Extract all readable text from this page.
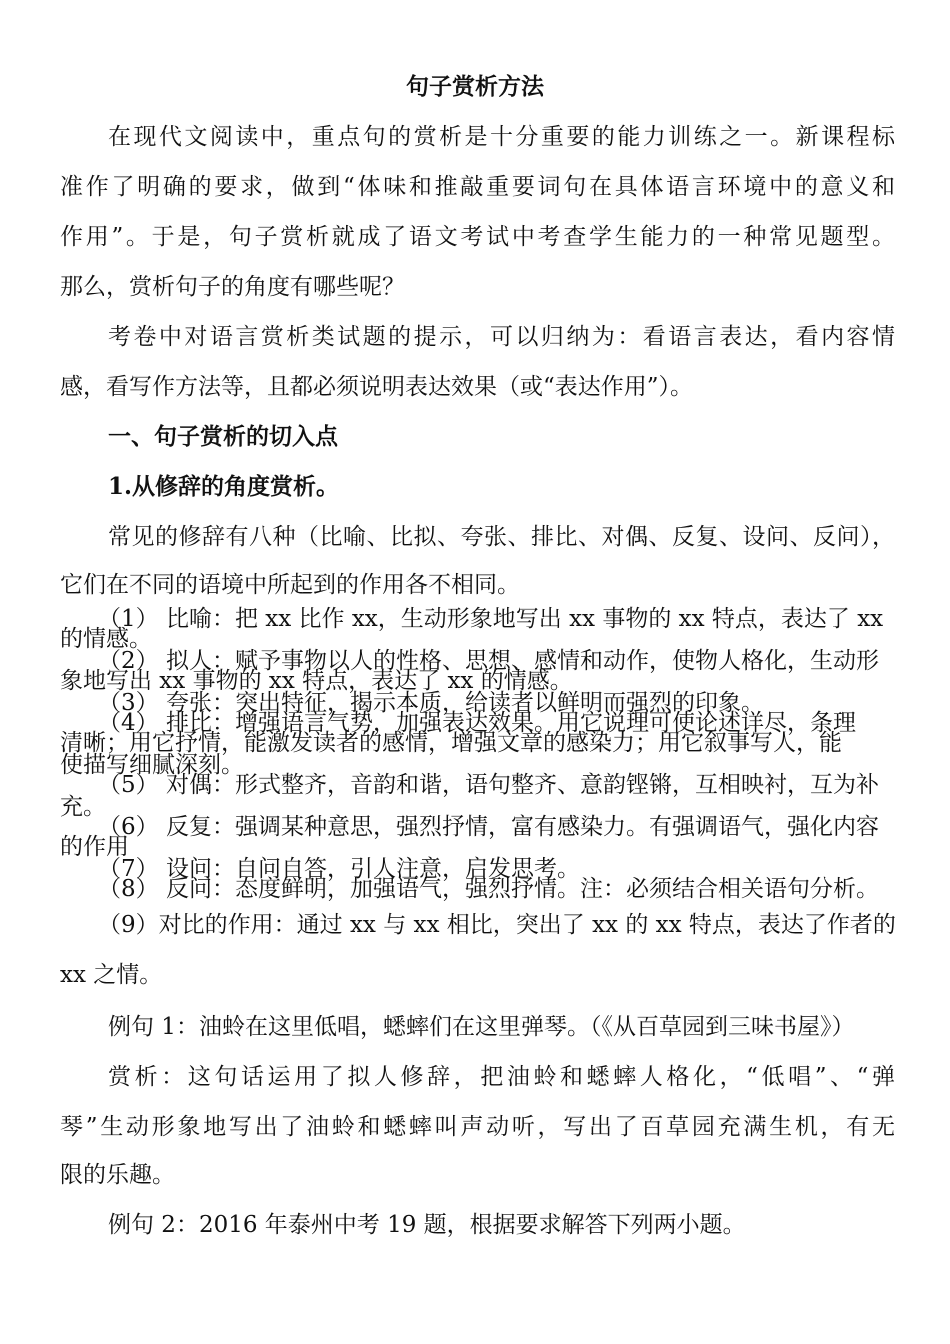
句子赏析方法
在现代文阅读中，重点句的赏析是十分重要的能力训练之一。新课程标
准作了明确的要求，做到“体味和推敲重要词句在具体语言环境中的意义和
作用”。于是，句子赏析就成了语文考试中考查学生能力的一种常见题型。
那么，赏析句子的角度有哪些呢？
考卷中对语言赏析类试题的提示，可以归纳为：看语言表达，看内容情
感，看写作方法等，且都必须说明表达效果（或“表达作用”）。
一、句子赏析的切入点
1.从修辞的角度赏析。
常见的修辞有八种（比喻、比拟、夸张、排比、对偶、反复、设问、反问），
它们在不同的语境中所起到的作用各不相同。
（1） 比喻：把 xx 比作 xx，生动形象地写出 xx 事物的 xx 特点，表达了 xx
的情感。
（2） 拟人：赋予事物以人的性格、思想、感情和动作，使物人格化，生动形
象地写出 xx 事物的 xx 特点，表达了 xx 的情感。
（3） 夸张：突出特征，揭示本质，给读者以鲜明而强烈的印象。
（4） 排比：增强语言气势，加强表达效果。用它说理可使论述详尽，条理
清晰；用它抒情，能激发读者的感情，增强文章的感染力；用它叙事写人，能
使描写细腻深刻。
（5） 对偶：形式整齐，音韵和谐，语句整齐、意韵铿锵，互相映衬，互为补
充。
（6） 反复：强调某种意思，强烈抒情，富有感染力。有强调语气，强化内容
的作用
（7） 设问：自问自答，引人注意，启发思考。
（8） 反问：态度鲜明，加强语气，强烈抒情。注：必须结合相关语句分析。
（9）对比的作用：通过 xx 与 xx 相比，突出了 xx 的 xx 特点，表达了作者的
xx 之情。
例句 1：油蛉在这里低唱，蟋蟀们在这里弹琴。（《从百草园到三味书屋》）
赏析：这句话运用了拟人修辞，把油蛉和蟋蟀人格化，“低唱”、“弹
琴”生动形象地写出了油蛉和蟋蟀叫声动听，写出了百草园充满生机，有无
限的乐趣。
例句 2：2016 年泰州中考 19 题，根据要求解答下列两小题。
